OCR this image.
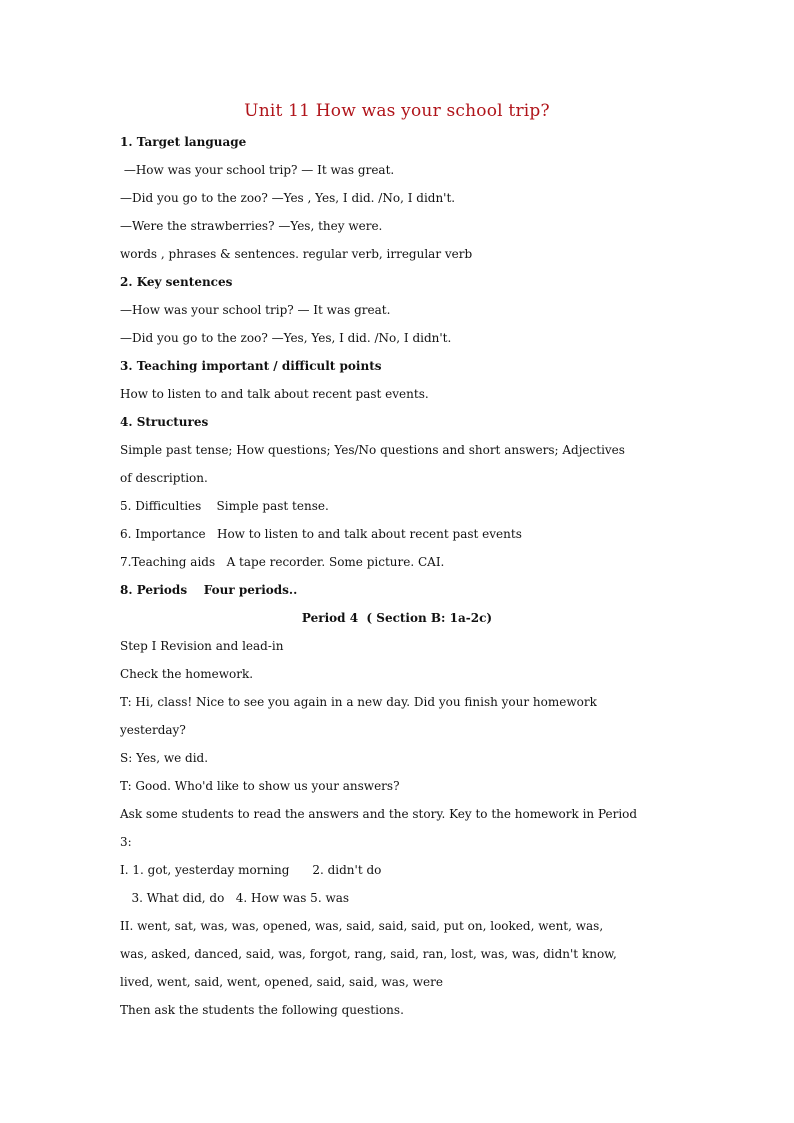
Unit 11 How was your school trip?
1. Target language
—How was your school trip? — It was great.
—Did you go to the zoo? —Yes , Yes, I did. /No, I didn't.
—Were the strawberries? —Yes, they were.
words , phrases & sentences. regular verb, irregular verb
2. Key sentences
—How was your school trip? — It was great.
—Did you go to the zoo? —Yes, Yes, I did. /No, I didn't.
3. Teaching important / difficult points
How to listen to and talk about recent past events.
4. Structures
Simple past tense; How questions; Yes/No questions and short answers; Adjectives
of description.
5. Difficulties    Simple past tense.
6. Importance   How to listen to and talk about recent past events
7.Teaching aids   A tape recorder. Some picture. CAI.
8. Periods    Four periods..
Period 4  ( Section B: 1a-2c)
Step I Revision and lead-in
Check the homework.
T: Hi, class! Nice to see you again in a new day. Did you finish your homework
yesterday?
S: Yes, we did.
T: Good. Who'd like to show us your answers?
Ask some students to read the answers and the story. Key to the homework in Period
3:
I. 1. got, yesterday morning      2. didn't do
3. What did, do   4. How was 5. was
II. went, sat, was, was, opened, was, said, said, said, put on, looked, went, was,
was, asked, danced, said, was, forgot, rang, said, ran, lost, was, was, didn't know,
lived, went, said, went, opened, said, said, was, were
Then ask the students the following questions.
